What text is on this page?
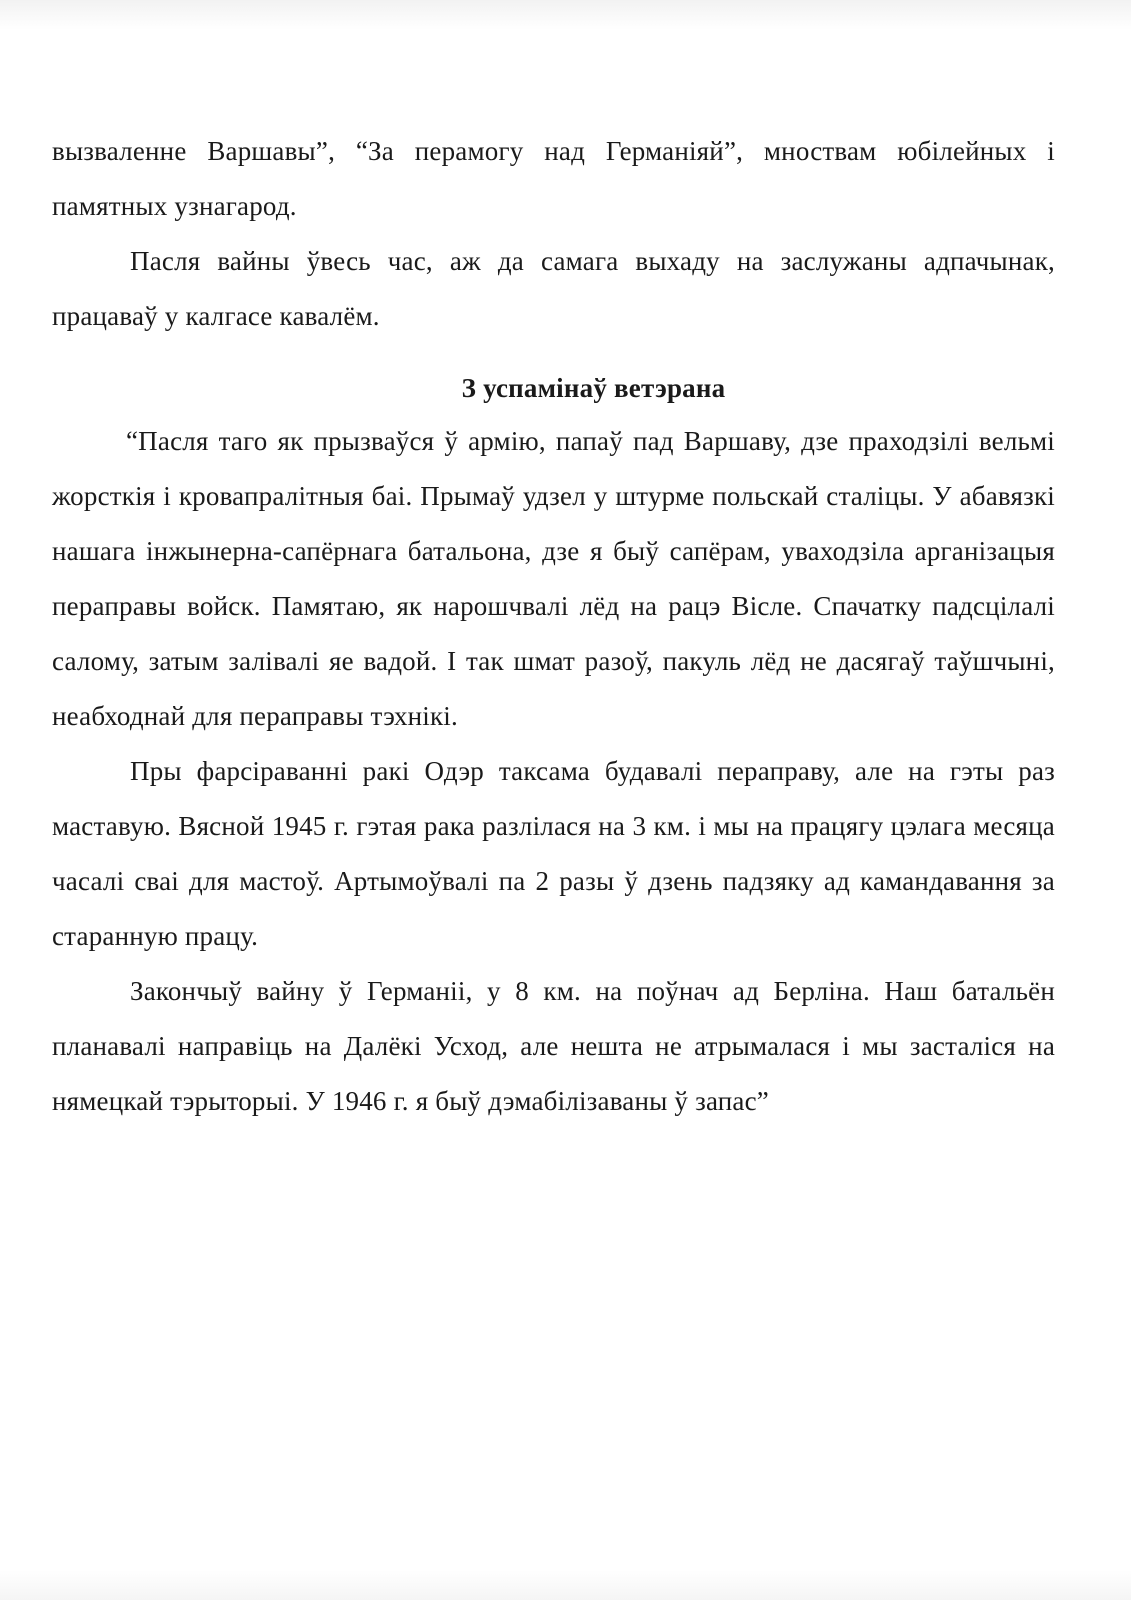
вызваленне Варшавы”, “За перамогу над Германіяй”, мноствам юбілейных і памятных узнагарод.

Пасля вайны ўвесь час, аж да самага выхаду на заслужаны адпачынак, працаваў у калгасе кавалём.

З успамінаў ветэрана

“Пасля таго як прызваўся ў армію, папаў пад Варшаву, дзе праходзілі вельмі жорсткія і кровапралітныя баі. Прымаў удзел у штурме польскай сталіцы. У абавязкі нашага інжынерна-сапёрнага батальона, дзе я быў сапёрам, уваходзіла арганізацыя пераправы войск. Памятаю, як нарошчвалі лёд на рацэ Вісле. Спачатку падсцілалі салому, затым залівалі яе вадой. І так шмат разоў, пакуль лёд не дасягаў таўшчыні, неабходнай для пераправы тэхнікі.

Пры фарсіраванні ракі Одэр таксама будавалі пераправу, але на гэты раз маставую. Вясной 1945 г. гэтая рака разлілася на 3 км. і мы на працягу цэлага месяца часалі сваі для мастоў. Артымоўвалі па 2 разы ў дзень падзяку ад камандавання за старанную працу.

Закончыў вайну ў Германіі, у 8 км. на поўнач ад Берліна. Наш батальён планавалі направіць на Далёкі Усход, але нешта не атрымалася і мы засталіся на нямецкай тэрыторыі. У 1946 г. я быў дэмабілізаваны ў запас”
